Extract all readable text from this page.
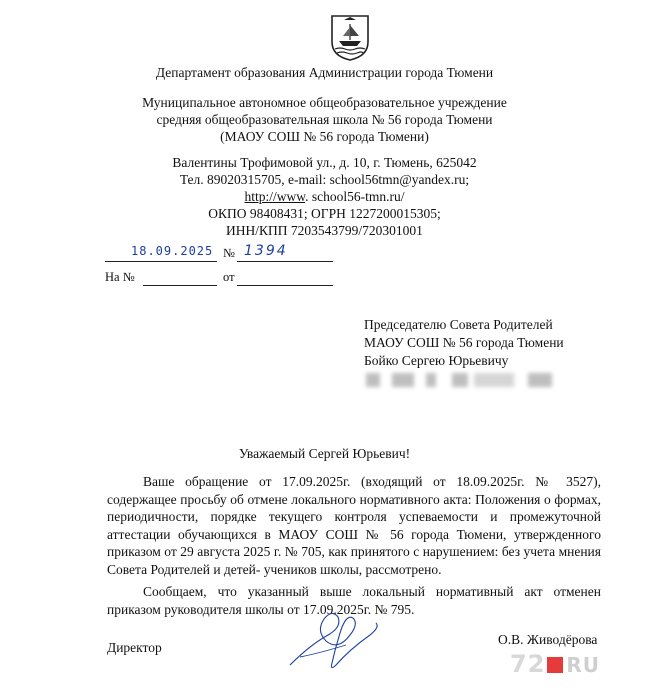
Департамент образования Администрации города Тюмени
Муниципальное автономное общеобразовательное учреждение
средняя общеобразовательная школа № 56 города Тюмени
(МАОУ СОШ № 56 города Тюмени)
Валентины Трофимовой ул., д. 10, г. Тюмень, 625042
Тел. 89020315705, e-mail: school56tmn@yandex.ru;
http://www. school56-tmn.ru/
ОКПО 98408431; ОГРН 1227200015305;
ИНН/КПП 7203543799/720301001
18.09.2025 № 1394
На №	от
Председателю Совета Родителей
МАОУ СОШ № 56 города Тюмени
Бойко Сергею Юрьевичу
Уважаемый Сергей Юрьевич!

Ваше обращение от 17.09.2025г. (входящий от 18.09.2025г. № 3527), содержащее просьбу об отмене локального нормативного акта: Положения о формах, периодичности, порядке текущего контроля успеваемости и промежуточной аттестации обучающихся в МАОУ СОШ № 56 города Тюмени, утвержденного приказом от 29 августа 2025 г. № 705, как принятого с нарушением: без учета мнения Совета Родителей и детей- учеников школы, рассмотрено.

Сообщаем, что указанный выше локальный нормативный акт отменен приказом руководителя школы от 17.09.2025г. № 795.

Директор
О.В. Живодёрова
72 RU
